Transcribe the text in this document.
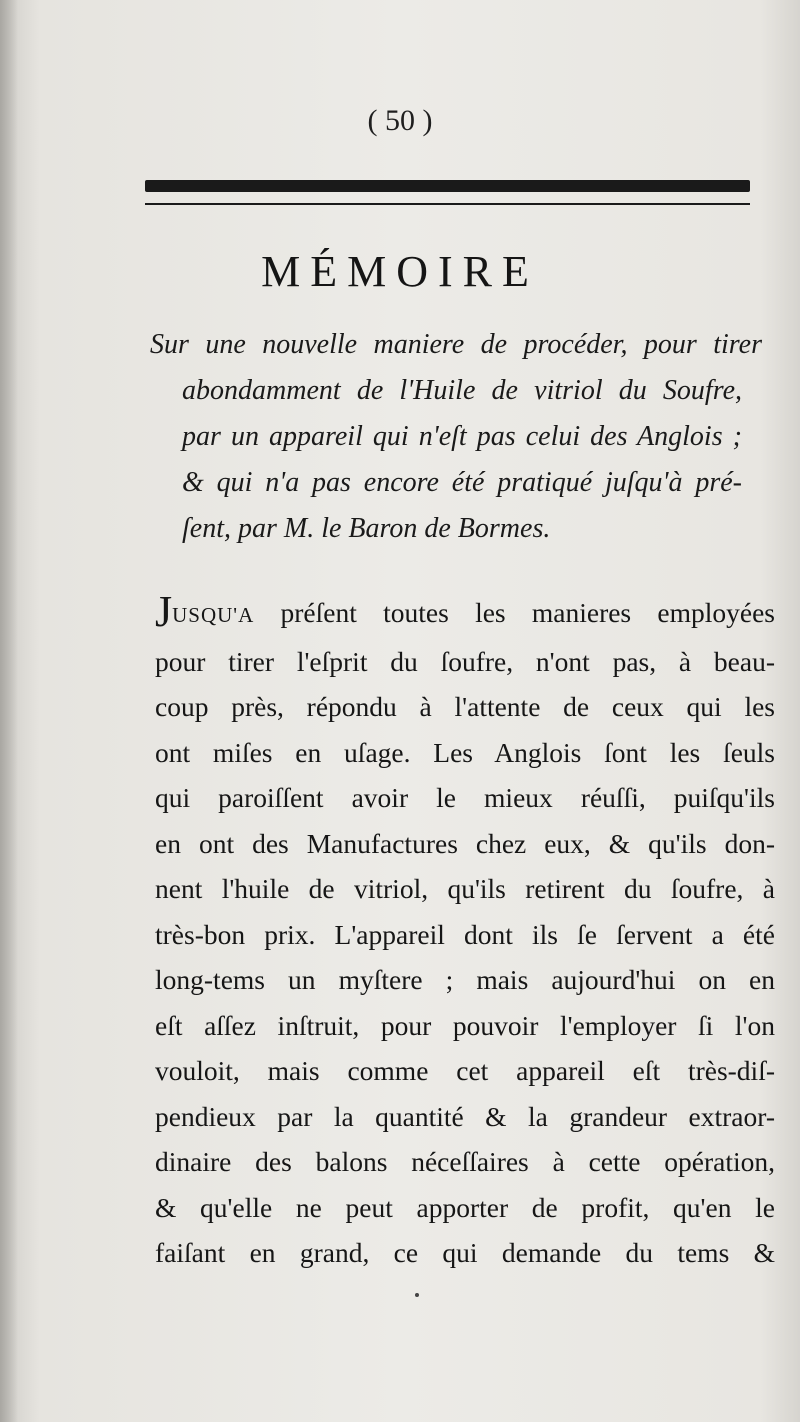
( 50 )
MÉMOIRE
Sur une nouvelle maniere de procéder, pour tirer
abondamment de l'Huile de vitriol du Soufre,
par un appareil qui n'eſt pas celui des Anglois ;
& qui n'a pas encore été pratiqué juſqu'à pré-
ſent, par M. le Baron de Bormes.
JUSQU'A préſent toutes les manieres employées
pour tirer l'eſprit du ſoufre, n'ont pas, à beau-
coup près, répondu à l'attente de ceux qui les
ont miſes en uſage. Les Anglois ſont les ſeuls
qui paroiſſent avoir le mieux réuſſi, puiſqu'ils
en ont des Manufactures chez eux, & qu'ils don-
nent l'huile de vitriol, qu'ils retirent du ſoufre, à
très-bon prix. L'appareil dont ils ſe ſervent a été
long-tems un myſtere ; mais aujourd'hui on en
eſt aſſez inſtruit, pour pouvoir l'employer ſi l'on
vouloit, mais comme cet appareil eſt très-diſ-
pendieux par la quantité & la grandeur extraor-
dinaire des balons néceſſaires à cette opération,
& qu'elle ne peut apporter de profit, qu'en le
faiſant en grand, ce qui demande du tems &
